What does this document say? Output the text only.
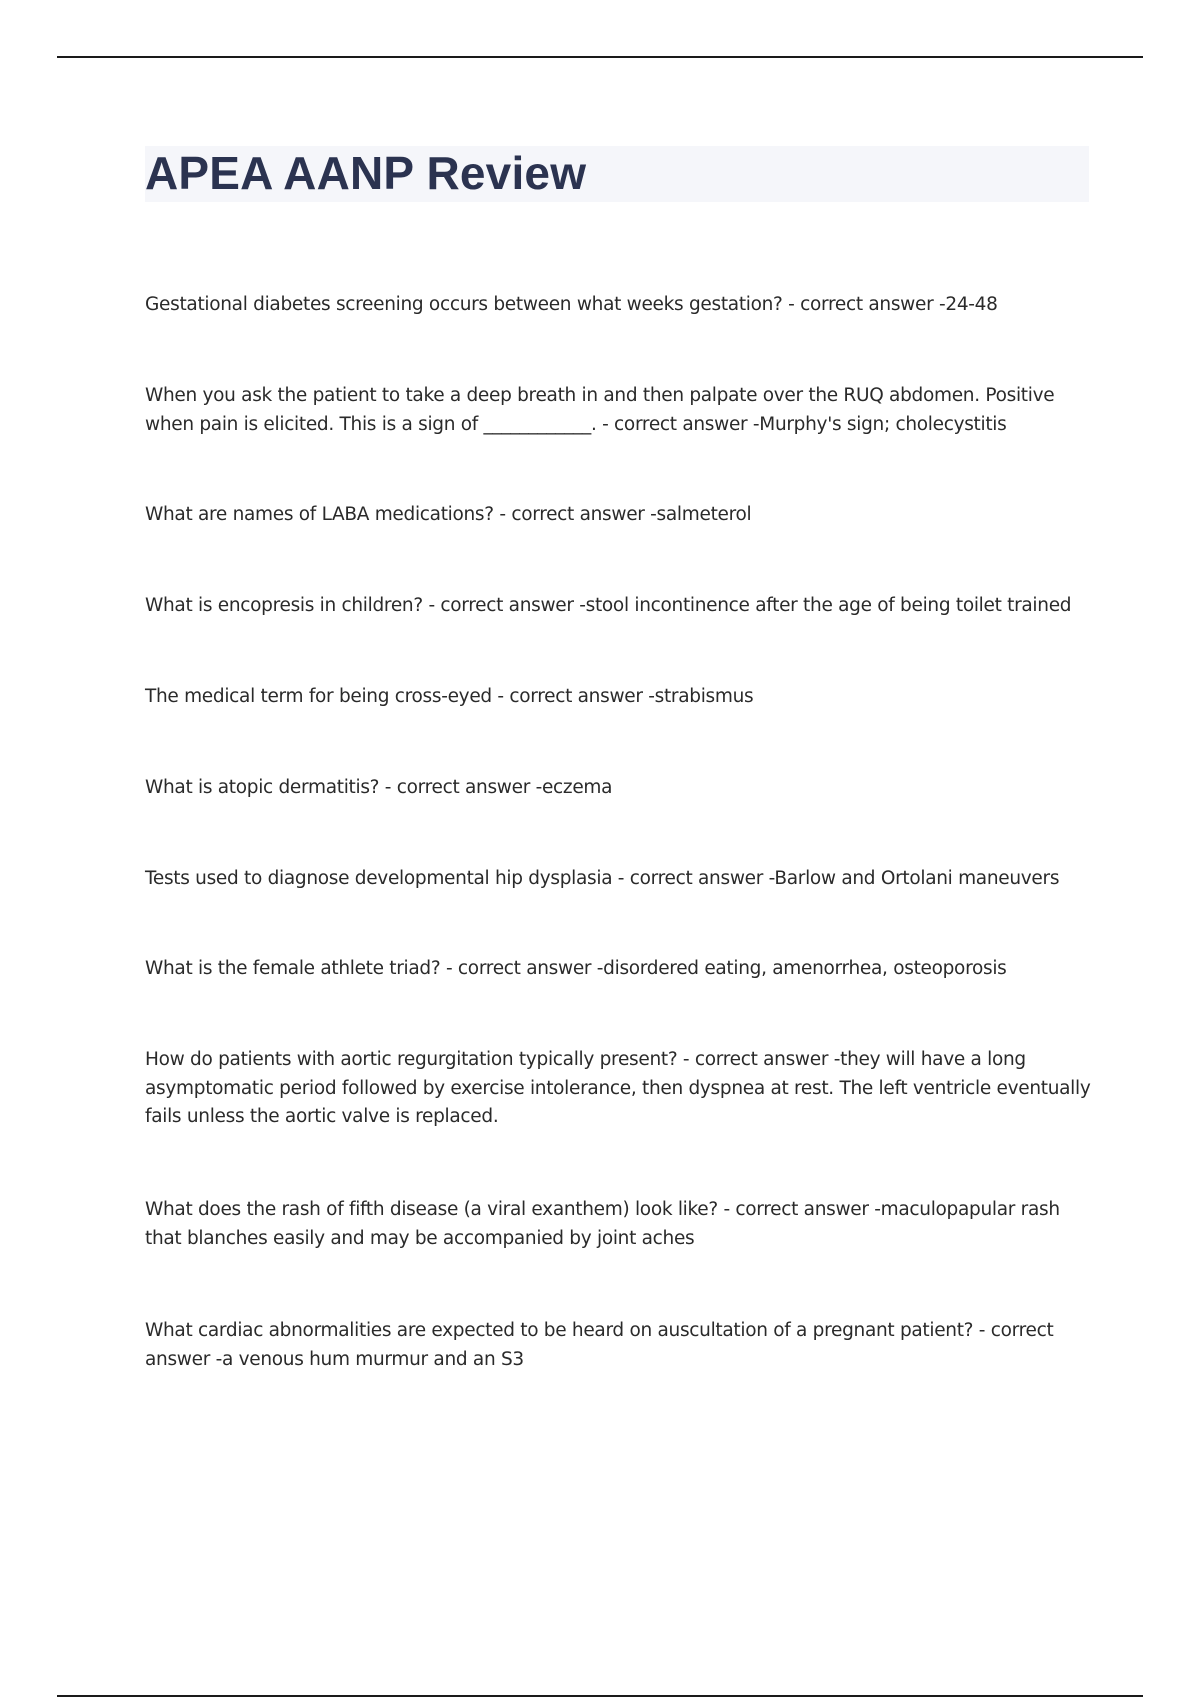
APEA AANP Review
Gestational diabetes screening occurs between what weeks gestation? - correct answer -24-48
When you ask the patient to take a deep breath in and then palpate over the RUQ abdomen. Positive when pain is elicited. This is a sign of ____________. - correct answer -Murphy's sign; cholecystitis
What are names of LABA medications? - correct answer -salmeterol
What is encopresis in children? - correct answer -stool incontinence after the age of being toilet trained
The medical term for being cross-eyed - correct answer -strabismus
What is atopic dermatitis? - correct answer -eczema
Tests used to diagnose developmental hip dysplasia - correct answer -Barlow and Ortolani maneuvers
What is the female athlete triad? - correct answer -disordered eating, amenorrhea, osteoporosis
How do patients with aortic regurgitation typically present? - correct answer -they will have a long asymptomatic period followed by exercise intolerance, then dyspnea at rest. The left ventricle eventually fails unless the aortic valve is replaced.
What does the rash of fifth disease (a viral exanthem) look like? - correct answer -maculopapular rash that blanches easily and may be accompanied by joint aches
What cardiac abnormalities are expected to be heard on auscultation of a pregnant patient? - correct answer -a venous hum murmur and an S3
